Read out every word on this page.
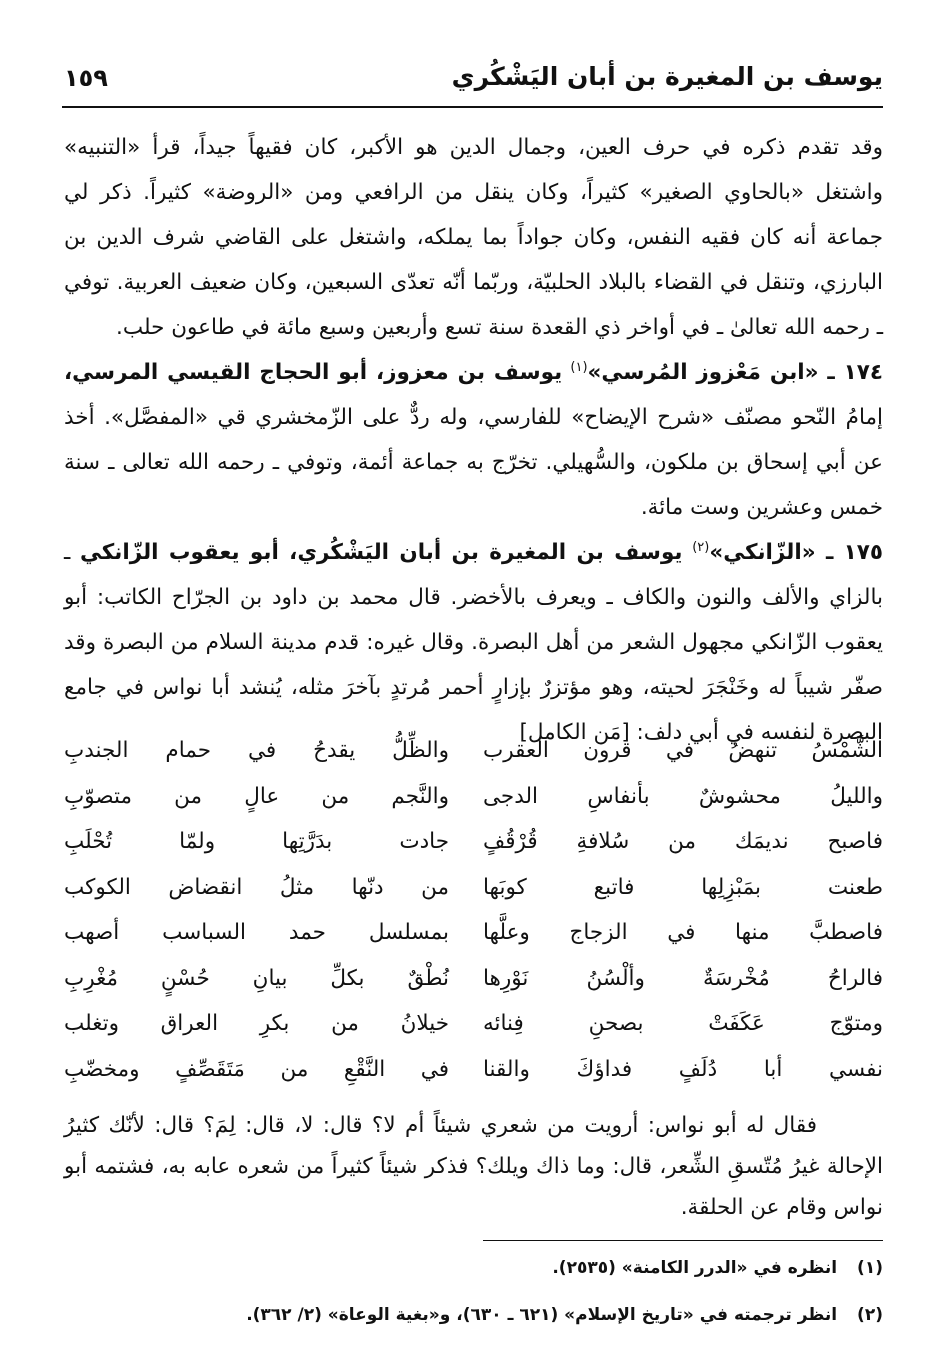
يوسف بن المغيرة بن أبان اليَشْكُري
١٥٩

وقد تقدم ذكره في حرف العين، وجمال الدين هو الأكبر، كان فقيهاً جيداً، قرأ «التنبيه» واشتغل «بالحاوي الصغير» كثيراً، وكان ينقل من الرافعي ومن «الروضة» كثيراً. ذكر لي جماعة أنه كان فقيه النفس، وكان جواداً بما يملكه، واشتغل على القاضي شرف الدين بن البارزي، وتنقل في القضاء بالبلاد الحلبيّة، وربّما أنّه تعدّى السبعين، وكان ضعيف العربية. توفي ـ رحمه الله تعالىٰ ـ في أواخر ذي القعدة سنة تسع وأربعين وسبع مائة في طاعون حلب.

١٧٤ ـ «ابن مَعْزوز المُرسي»$^{(١)}$ يوسف بن معزوز، أبو الحجاج القيسي المرسي، إمامُ النّحو مصنّف «شرح الإيضاح» للفارسي، وله ردٌّ على الزّمخشري قي «المفصَّل». أخذ عن أبي إسحاق بن ملكون، والسُّهيلي. تخرّج به جماعة أئمة، وتوفي ـ رحمه الله تعالى ـ سنة خمس وعشرين وست مائة.

١٧٥ ـ «الزّانكي»$^{(٢)}$ يوسف بن المغيرة بن أبان اليَشْكُري، أبو يعقوب الزّانكي ـ بالزاي والألف والنون والكاف ـ ويعرف بالأخضر. قال محمد بن داود بن الجرّاح الكاتب: أبو يعقوب الزّانكي مجهول الشعر من أهل البصرة. وقال غيره: قدم مدينة السلام من البصرة وقد صفّر شيباً له وخَنْجَرَ لحيته، وهو مؤتزرٌ بإزارٍ أحمر مُرتدٍ بآخرَ مثله، يُنشد أبا نواس في جامع البصرة لنفسه في أبي دلف: [مَن الكامل]

الشَّمْسُ تنهضُ في قرون العقرب
والظِّلُّ يقدحُ في حمام الجندبِ
والليلُ محشوشٌ بأنفاسِ الدجى
والنَّجم من عالٍ من متصوّبِ
فاصبح نديمَك من سُلافةِ قُرْقُفٍ
جادت بدَرَّتِها ولمّا تُحْلَبِ
طعنت بمَبْزِلِها فاتبع كوبَها
من دنّها مثلُ انقضاض الكوكب
فاصطبَّ منها في الزجاج وعلَّها
بمسلسل حمد السباسب أصهب
فالراحُ مُخْرسَةٌ وألْسُنُ نَوْرِها
نُطْقٌ بكلِّ بيانِ حُسْنٍ مُغْرِبِ
ومتوّج عَكَفَتْ بصحنِ فِنائه
خيلانُ من بكرِ العراق وتغلب
نفسي أبا دُلَفٍ فداؤكَ والقنا
في النَّقْعِ من مَتَقَصِّفٍ ومخضّبِ

فقال له أبو نواس: أرويت من شعري شيئاً أم لا؟ قال: لا، قال: لِمَ؟ قال: لأنّك كثيرُ الإحالة غيرُ مُتّسقِ الشِّعر، قال: وما ذاك ويلك؟ فذكر شيئاً كثيراً من شعره عابه به، فشتمه أبو نواس وقام عن الحلقة.

(١) انظره في «الدرر الكامنة» (٢٥٣٥).
(٢) انظر ترجمته في «تاريخ الإسلام» (٦٢١ ـ ٦٣٠)، و«بغية الوعاة» (٢/ ٣٦٢).
